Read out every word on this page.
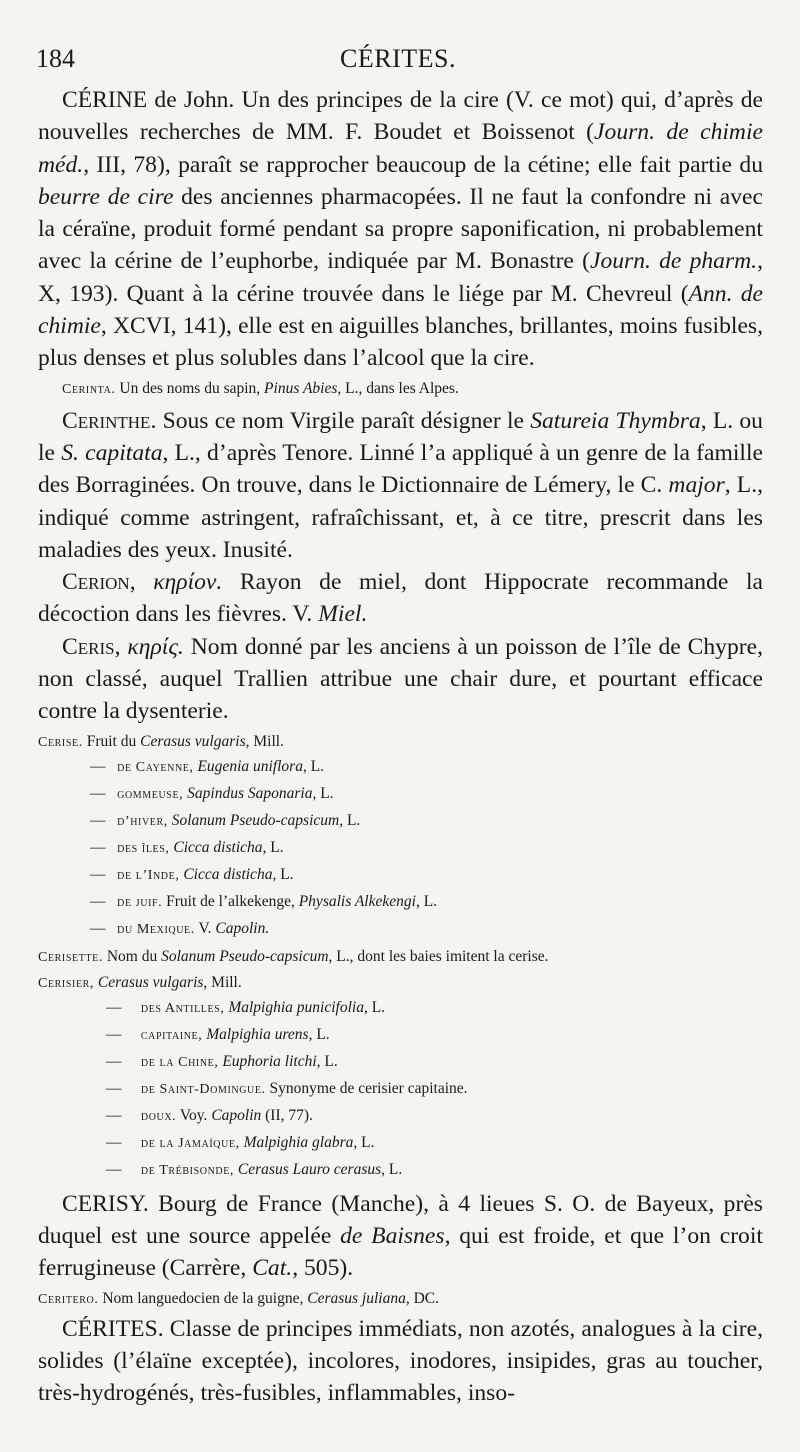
184	CÉRITES.

CÉRINE de John. Un des principes de la cire (V. ce mot) qui, d’après de nouvelles recherches de MM. F. Boudet et Boissenot (Journ. de chimie méd., III, 78), paraît se rapprocher beaucoup de la cétine; elle fait partie du beurre de cire des anciennes pharmacopées. Il ne faut la confondre ni avec la céraïne, produit formé pendant sa propre saponification, ni probablement avec la cérine de l’euphorbe, indiquée par M. Bonastre (Journ. de pharm., X, 193). Quant à la cérine trouvée dans le liége par M. Chevreul (Ann. de chimie, XCVI, 141), elle est en aiguilles blanches, brillantes, moins fusibles, plus denses et plus solubles dans l’alcool que la cire.

Cerinta. Un des noms du sapin, Pinus Abies, L., dans les Alpes.

Cerinthe. Sous ce nom Virgile paraît désigner le Satureia Thymbra, L. ou le S. capitata, L., d’après Tenore. Linné l’a appliqué à un genre de la famille des Borraginées. On trouve, dans le Dictionnaire de Lémery, le C. major, L., indiqué comme astringent, rafraîchissant, et, à ce titre, prescrit dans les maladies des yeux. Inusité.

Cerion, κηρίον. Rayon de miel, dont Hippocrate recommande la décoction dans les fièvres. V. Miel.

Ceris, κηρίς. Nom donné par les anciens à un poisson de l’île de Chypre, non classé, auquel Trallien attribue une chair dure, et pourtant efficace contre la dysenterie.

Cerise. Fruit du Cerasus vulgaris, Mill.

— de Cayenne, Eugenia uniflora, L.

— gommeuse, Sapindus Saponaria, L.

— d’hiver, Solanum Pseudo-capsicum, L.

— des îles, Cicca disticha, L.

— de l’Inde, Cicca disticha, L.

— de juif. Fruit de l’alkekenge, Physalis Alkekengi, L.

— du Mexique. V. Capolin.

Cerisette. Nom du Solanum Pseudo-capsicum, L., dont les baies imitent la cerise.

Cerisier, Cerasus vulgaris, Mill.

— des Antilles, Malpighia punicifolia, L.

— capitaine, Malpighia urens, L.

— de la Chine, Euphoria litchi, L.

— de Saint-Domingue. Synonyme de cerisier capitaine.

— doux. Voy. Capolin (II, 77).

— de la Jamaïque, Malpighia glabra, L.

— de Trébisonde, Cerasus Lauro cerasus, L.

CERISY. Bourg de France (Manche), à 4 lieues S. O. de Bayeux, près duquel est une source appelée de Baisnes, qui est froide, et que l’on croit ferrugineuse (Carrère, Cat., 505).

Ceritero. Nom languedocien de la guigne, Cerasus juliana, DC.

CÉRITES. Classe de principes immédiats, non azotés, analogues à la cire, solides (l’élaïne exceptée), incolores, inodores, insipides, gras au toucher, très-hydrogénés, très-fusibles, inflammables, inso-
